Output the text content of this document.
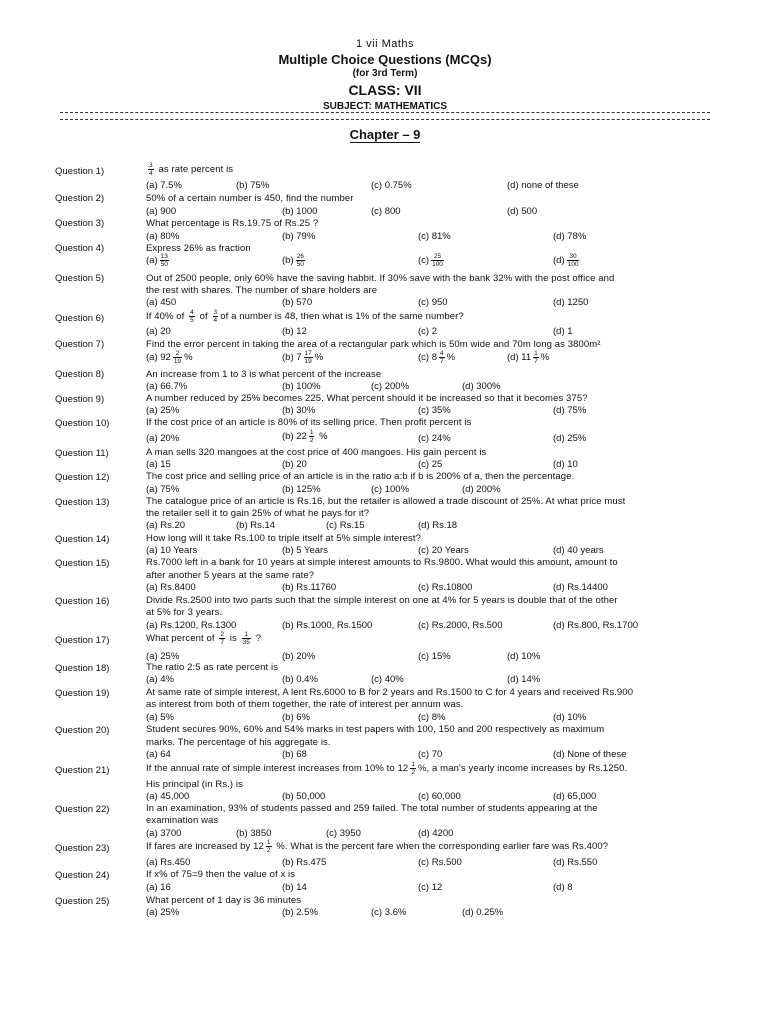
1 vii Maths
Multiple Choice Questions (MCQs)
(for 3rd Term)
CLASS: VII
SUBJECT: MATHEMATICS
Chapter – 9
Question 1)	$\frac{3}{4}$ as rate percent is
(a) 7.5%	(b) 75%	(c) 0.75%	(d) none of these
Question 2)	50% of a certain number is 450, find the number
(a) 900	(b) 1000	(c) 800	(d) 500
Question 3)	What percentage is Rs.19.75 of Rs.25 ?
(a) 80%	(b) 79%	(c) 81%	(d) 78%
Question 4)	Express 26% as fraction
$(a) \frac{13}{50}$	$(b) \frac{26}{50}$	$(c) \frac{25}{100}$	$(d) \frac{30}{100}$
Question 5)	Out of 2500 people, only 60% have the saving habbit. If 30% save with the bank 32% with the post office and
the rest with shares. The number of share holders are
(a) 450	(b) 570	(c) 950	(d) 1250
Question 6)	If 40% of $\frac{4}{5}$ of $\frac{3}{4}$ of a number is 48, then what is 1% of the same number?
(a) 20	(b) 12	(c) 2	(d) 1
Question 7)	Find the error percent in taking the area of a rectangular park which is 50m wide and 70m long as 3800m²
(a) $92 \frac{2}{19}$ %	(b) $7 \frac{17}{19}$ %	(c) $8 \frac{4}{7}$ %	(d) $11 \frac{1}{7}$ %
Question 8)	An increase from 1 to 3 is what percent of the increase
(a) 66.7%	(b) 100%	(c) 200%	(d) 300%
Question 9)	A number reduced by 25% becomes 225. What percent should it be increased so that it becomes 375?
(a) 25%	(b) 30%	(c) 35%	(d) 75%
Question 10)	If the cost price of an article is 80% of its selling price. Then profit percent is
(a) 20%	(b) $22 \frac{1}{2}$ %	(c) 24%	(d) 25%
Question 11)	A man sells 320 mangoes at the cost price of 400 mangoes. His gain percent is
(a) 15	(b) 20	(c) 25	(d) 10
Question 12)	The cost price and selling price of an article is in the ratio a:b if b is 200% of a, then the percentage.
(a) 75%	(b) 125%	(c) 100%	(d) 200%
Question 13)	The catalogue price of an article is Rs.16, but the retailer is allowed a trade discount of 25%. At what price must
the retailer sell it to gain 25% of what he pays for it?
(a) Rs.20	(b) Rs.14	(c) Rs.15	(d) Rs.18
Question 14)	How long will it take Rs.100 to triple itself at 5% simple interest?
(a) 10 Years	(b) 5 Years	(c) 20 Years	(d) 40 years
Question 15)	Rs.7000 left in a bank for 10 years at simple interest amounts to Rs.9800. What would this amount, amount to
after another 5 years at the same rate?
(a) Rs.8400	(b) Rs.11760	(c) Rs.10800	(d) Rs.14400
Question 16)	Divide Rs.2500 into two parts such that the simple interest on one at 4% for 5 years is double that of the other
at 5% for 3 years.
(a) Rs.1200, Rs.1300	(b) Rs.1000, Rs.1500	(c) Rs.2000, Rs.500	(d) Rs.800, Rs.1700
Question 17)	What percent of $\frac{2}{7}$ is $\frac{1}{35}$ ?
(a) 25%	(b) 20%	(c) 15%	(d) 10%
Question 18)	The ratio 2:5 as rate percent is
(a) 4%	(b) 0.4%	(c) 40%	(d) 14%
Question 19)	At same rate of simple interest, A lent Rs.6000 to B for 2 years and Rs.1500 to C for 4 years and received Rs.900
as interest from both of them together, the rate of interest per annum was.
(a) 5%	(b) 6%	(c) 8%	(d) 10%
Question 20)	Student secures 90%, 60% and 54% marks in test papers with 100, 150 and 200 respectively as maximum
marks. The percentage of his aggregate is.
(a) 64	(b) 68	(c) 70	(d) None of these
Question 21)	If the annual rate of simple interest increases from 10% to $12 \frac{1}{2}$ %, a man's yearly income increases by Rs.1250.
His principal (in Rs.) is
(a) 45,000	(b) 50,000	(c) 60,000	(d) 65,000
Question 22)	In an examination, 93% of students passed and 259 failed. The total number of students appearing at the
examination was
(a) 3700	(b) 3850	(c) 3950	(d) 4200
Question 23)	If fares are increased by $12 \frac{1}{2}$ %. What is the percent fare when the corresponding earlier fare was Rs.400?
(a) Rs.450	(b) Rs.475	(c) Rs.500	(d) Rs.550
Question 24)	If x% of 75=9 then the value of x is
(a) 16	(b) 14	(c) 12	(d) 8
Question 25)	What percent of 1 day is 36 minutes
(a) 25%	(b) 2.5%	(c) 3.6%	(d) 0.25%
